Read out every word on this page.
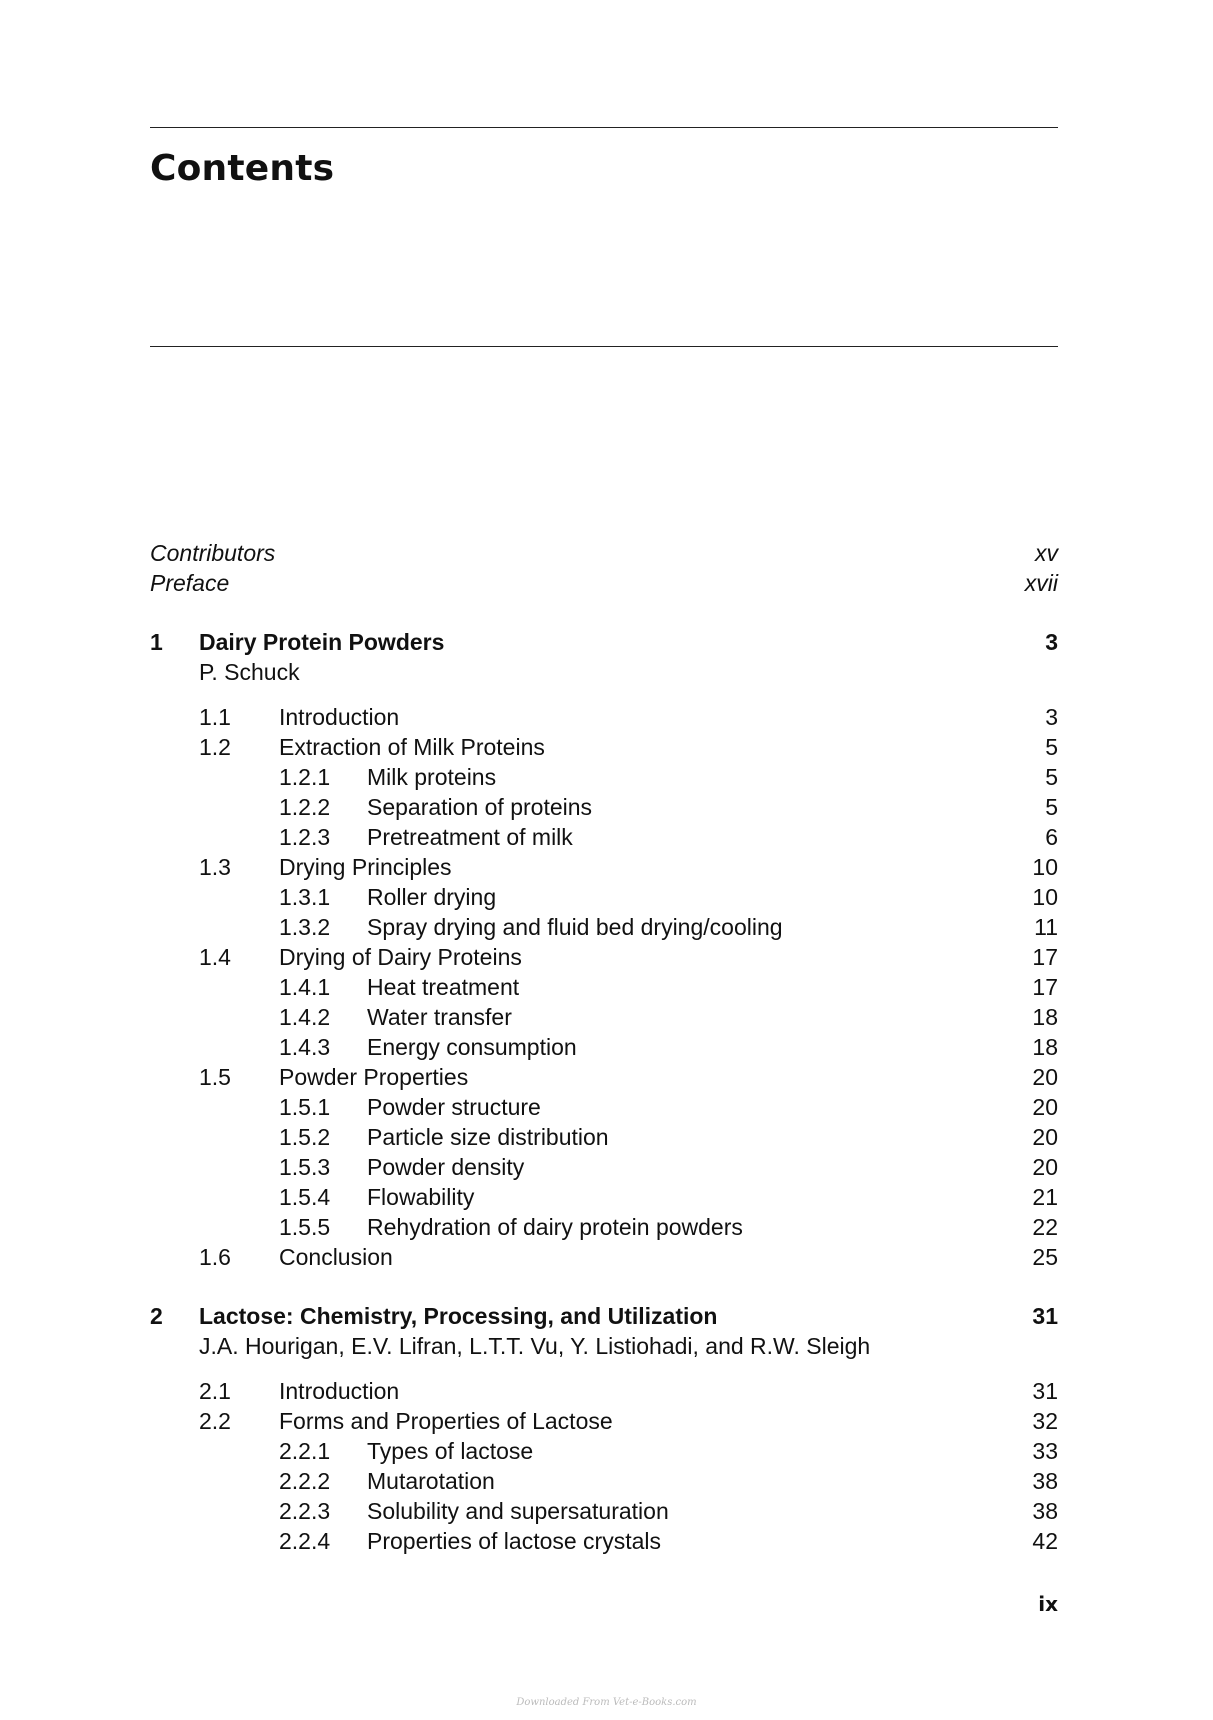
Contents
Contributors	xv
Preface	xvii
1 Dairy Protein Powders	3
P. Schuck
1.1 Introduction	3
1.2 Extraction of Milk Proteins	5
1.2.1 Milk proteins	5
1.2.2 Separation of proteins	5
1.2.3 Pretreatment of milk	6
1.3 Drying Principles	10
1.3.1 Roller drying	10
1.3.2 Spray drying and fluid bed drying/cooling	11
1.4 Drying of Dairy Proteins	17
1.4.1 Heat treatment	17
1.4.2 Water transfer	18
1.4.3 Energy consumption	18
1.5 Powder Properties	20
1.5.1 Powder structure	20
1.5.2 Particle size distribution	20
1.5.3 Powder density	20
1.5.4 Flowability	21
1.5.5 Rehydration of dairy protein powders	22
1.6 Conclusion	25
2 Lactose: Chemistry, Processing, and Utilization	31
J.A. Hourigan, E.V. Lifran, L.T.T. Vu, Y. Listiohadi, and R.W. Sleigh
2.1 Introduction	31
2.2 Forms and Properties of Lactose	32
2.2.1 Types of lactose	33
2.2.2 Mutarotation	38
2.2.3 Solubility and supersaturation	38
2.2.4 Properties of lactose crystals	42
ix
Downloaded From Vet-e-Books.com
